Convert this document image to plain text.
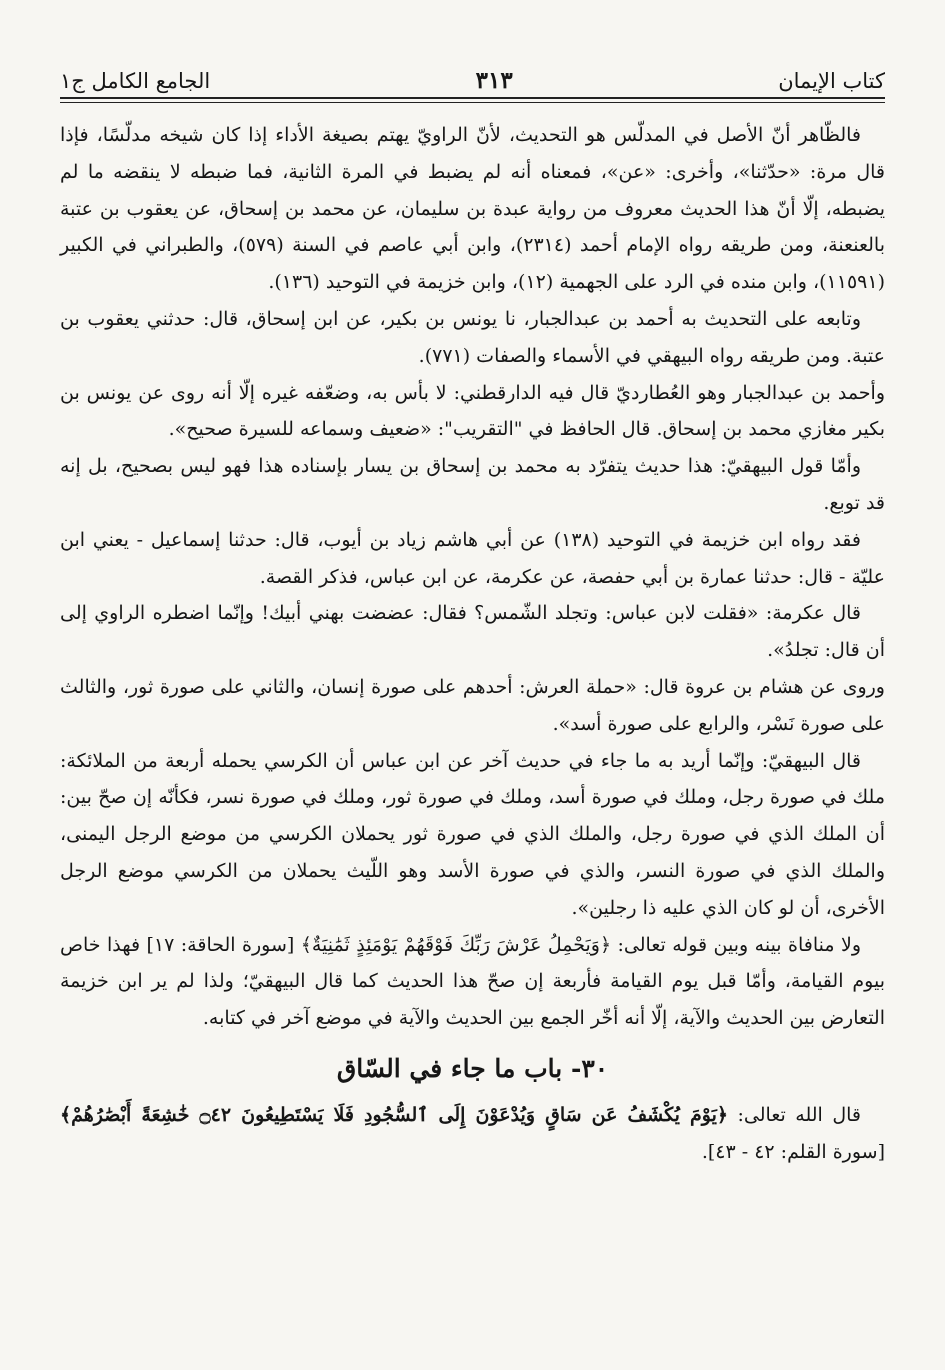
كتاب الإيمان
٣١٣
الجامع الكامل ج١

فالظّاهر أنّ الأصل في المدلّس هو التحديث، لأنّ الراويّ يهتم بصيغة الأداء إذا كان شيخه مدلّسًا، فإذا قال مرة: «حدّثنا»، وأخرى: «عن»، فمعناه أنه لم يضبط في المرة الثانية، فما ضبطه لا ينقضه ما لم يضبطه، إلّا أنّ هذا الحديث معروف من رواية عبدة بن سليمان، عن محمد بن إسحاق، عن يعقوب بن عتبة بالعنعنة، ومن طريقه رواه الإمام أحمد (٢٣١٤)، وابن أبي عاصم في السنة (٥٧٩)، والطبراني في الكبير (١١٥٩١)، وابن منده في الرد على الجهمية (١٢)، وابن خزيمة في التوحيد (١٣٦).

وتابعه على التحديث به أحمد بن عبدالجبار، نا يونس بن بكير، عن ابن إسحاق، قال: حدثني يعقوب بن عتبة. ومن طريقه رواه البيهقي في الأسماء والصفات (٧٧١).

وأحمد بن عبدالجبار وهو العُطارديّ قال فيه الدارقطني: لا بأس به، وضعّفه غيره إلّا أنه روى عن يونس بن بكير مغازي محمد بن إسحاق. قال الحافظ في "التقريب": «ضعيف وسماعه للسيرة صحيح».

وأمّا قول البيهقيّ: هذا حديث يتفرّد به محمد بن إسحاق بن يسار بإسناده هذا فهو ليس بصحيح، بل إنه قد توبع.

فقد رواه ابن خزيمة في التوحيد (١٣٨) عن أبي هاشم زياد بن أيوب، قال: حدثنا إسماعيل - يعني ابن عليّة - قال: حدثنا عمارة بن أبي حفصة، عن عكرمة، عن ابن عباس، فذكر القصة.

قال عكرمة: «فقلت لابن عباس: وتجلد الشّمس؟ فقال: عضضت بهني أبيك! وإنّما اضطره الراوي إلى أن قال: تجلدُ».

وروى عن هشام بن عروة قال: «حملة العرش: أحدهم على صورة إنسان، والثاني على صورة ثور، والثالث على صورة نَسْر، والرابع على صورة أسد».

قال البيهقيّ: وإنّما أريد به ما جاء في حديث آخر عن ابن عباس أن الكرسي يحمله أربعة من الملائكة: ملك في صورة رجل، وملك في صورة أسد، وملك في صورة ثور، وملك في صورة نسر، فكأنّه إن صحّ بين: أن الملك الذي في صورة رجل، والملك الذي في صورة ثور يحملان الكرسي من موضع الرجل اليمنى، والملك الذي في صورة النسر، والذي في صورة الأسد وهو اللّيث يحملان من الكرسي موضع الرجل الأخرى، أن لو كان الذي عليه ذا رجلين».

ولا منافاة بينه وبين قوله تعالى: ﴿وَيَحْمِلُ عَرْشَ رَبِّكَ فَوْقَهُمْ يَوْمَئِذٍ ثَمَٰنِيَةٌ﴾ [سورة الحاقة: ١٧] فهذا خاص بيوم القيامة، وأمّا قبل يوم القيامة فأربعة إن صحّ هذا الحديث كما قال البيهقيّ؛ ولذا لم ير ابن خزيمة التعارض بين الحديث والآية، إلّا أنه أخّر الجمع بين الحديث والآية في موضع آخر في كتابه.

٣٠- باب ما جاء في السّاق

قال الله تعالى: ﴿يَوْمَ يُكْشَفُ عَن سَاقٍ وَيُدْعَوْنَ إِلَى ٱلسُّجُودِ فَلَا يَسْتَطِيعُونَ ۝٤٢ خَٰشِعَةً أَبْصَٰرُهُمْ﴾ [سورة القلم: ٤٢ - ٤٣].
